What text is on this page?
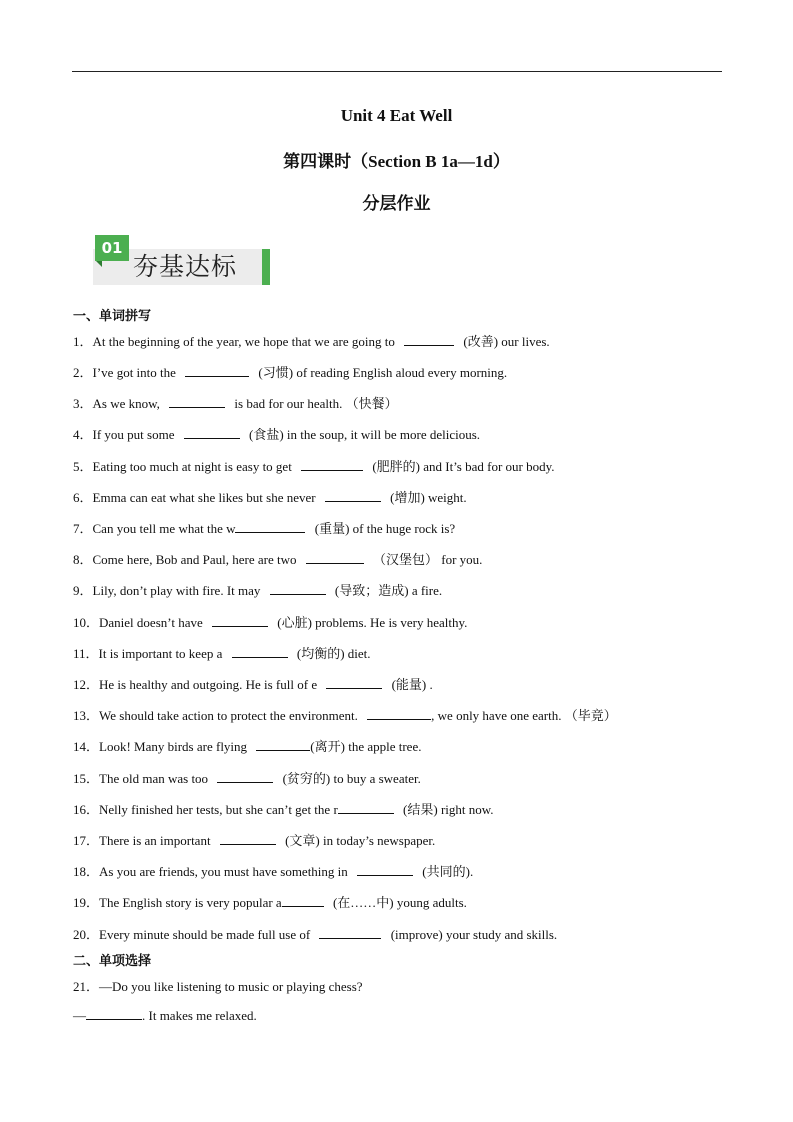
Unit 4 Eat Well
第四课时（Section B 1a—1d）
分层作业
01
夯基达标
一、单词拼写
1．At the beginning of the year, we hope that we are going to	(改善) our lives.
2．I’ve got into the	(习惯) of reading English aloud every morning.
3．As we know,	is bad for our health. （快餐）
4．If you put some	(食盐) in the soup, it will be more delicious.
5．Eating too much at night is easy to get	(肥胖的) and It’s bad for our body.
6．Emma can eat what she likes but she never	(增加) weight.
7．Can you tell me what the w	(重量) of the huge rock is?
8．Come here, Bob and Paul, here are two	（汉堡包） for you.
9．Lily, don’t play with fire. It may	(导致；造成) a fire.
10．Daniel doesn’t have	(心脏) problems. He is very healthy.
11．It is important to keep a	(均衡的) diet.
12．He is healthy and outgoing. He is full of e	(能量) .
13．We should take action to protect the environment.	, we only have one earth. （毕竟）
14．Look! Many birds are flying	(离开) the apple tree.
15．The old man was too	(贫穷的) to buy a sweater.
16．Nelly finished her tests, but she can’t get the r	(结果) right now.
17．There is an important	(文章) in today’s newspaper.
18．As you are friends, you must have something in	(共同的).
19．The English story is very popular a	(在……中) young adults.
20．Every minute should be made full use of	(improve) your study and skills.
二、单项选择
21．—Do you like listening to music or playing chess?
—	. It makes me relaxed.
